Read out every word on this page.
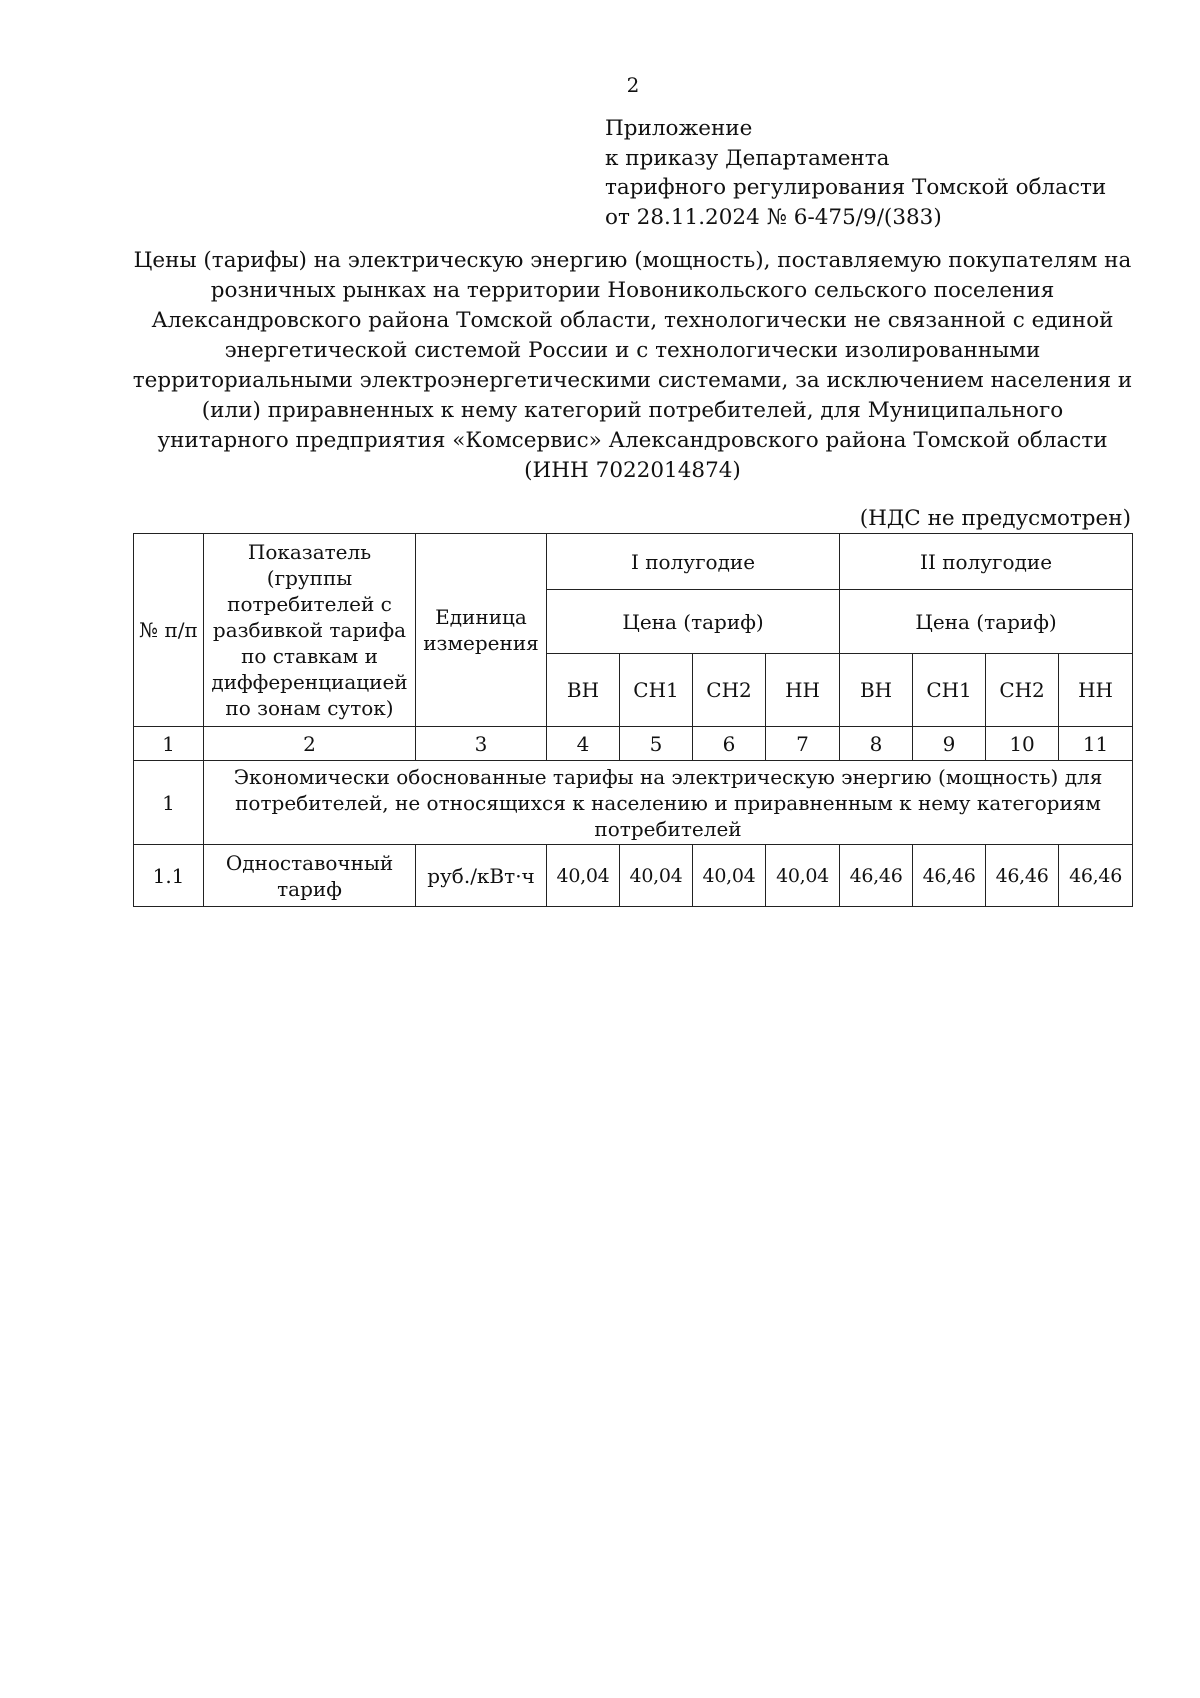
2
Приложение
к приказу Департамента
тарифного регулирования Томской области
от 28.11.2024 № 6-475/9/(383)
Цены (тарифы) на электрическую энергию (мощность), поставляемую покупателям на
розничных рынках на территории Новоникольского сельского поселения
Александровского района Томской области, технологически не связанной с единой
энергетической системой России и с технологически изолированными
территориальными электроэнергетическими системами, за исключением населения и
(или) приравненных к нему категорий потребителей, для Муниципального
унитарного предприятия «Комсервис» Александровского района Томской области
(ИНН 7022014874)
(НДС не предусмотрен)
№ п/п	Показатель (группы потребителей с разбивкой тарифа по ставкам и дифференциацией по зонам суток)	Единица измерения	I полугодие				II полугодие			
			Цена (тариф)				Цена (тариф)			
			ВН	СН1	СН2	НН	ВН	СН1	СН2	НН
1	2	3	4	5	6	7	8	9	10	11
1	Экономически обоснованные тарифы на электрическую энергию (мощность) для потребителей, не относящихся к населению и приравненным к нему категориям потребителей									
1.1	Одноставочный тариф	руб./кВт·ч	40,04	40,04	40,04	40,04	46,46	46,46	46,46	46,46
